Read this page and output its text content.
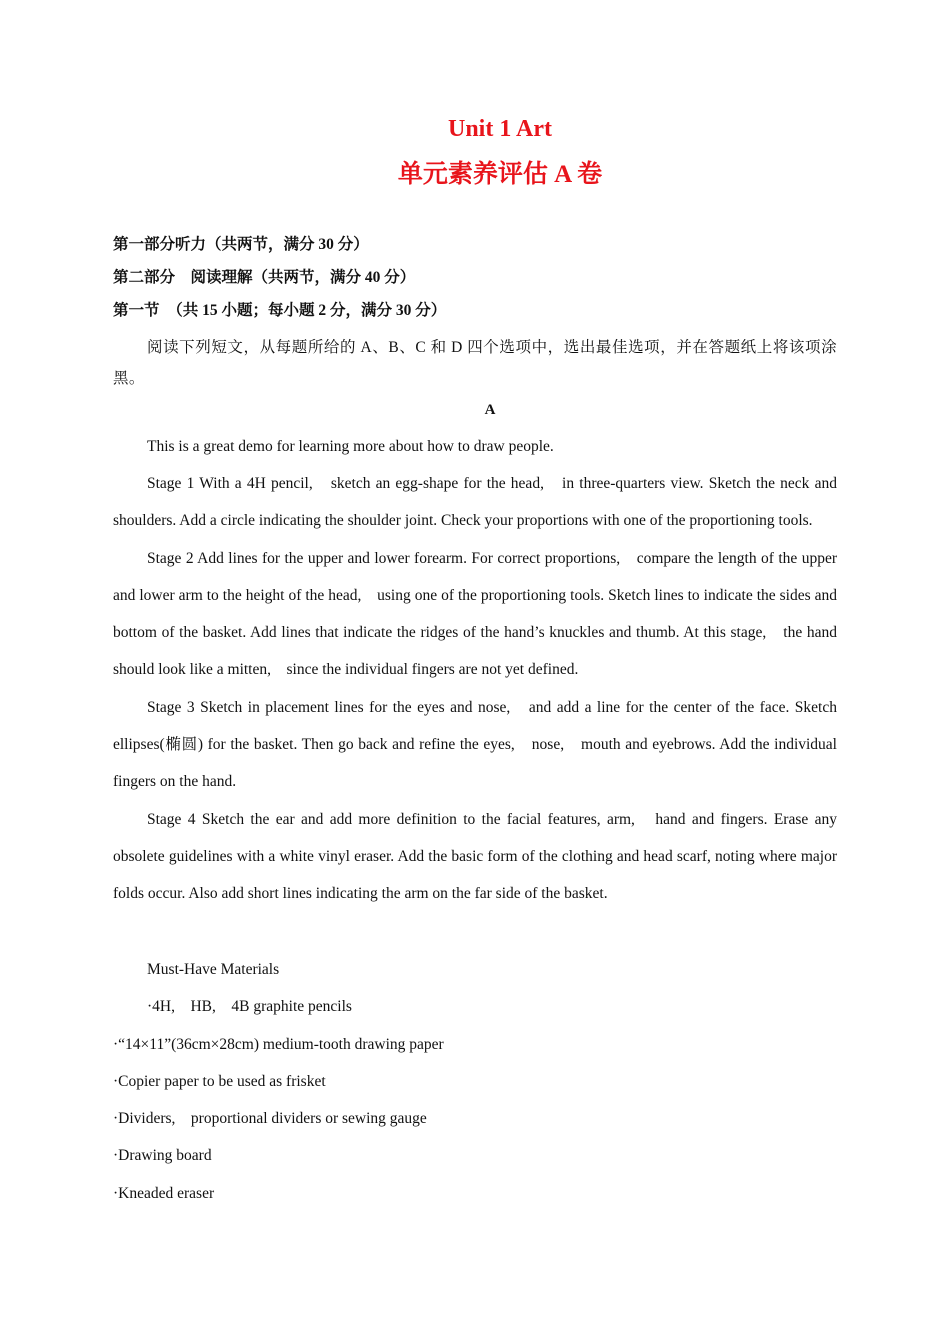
Unit 1 Art
单元素养评估 A 卷
第一部分听力（共两节，满分 30 分）
第二部分　阅读理解（共两节，满分 40 分）
第一节　（共 15 小题；每小题 2 分，满分 30 分）
阅读下列短文，从每题所给的 A、B、C 和 D 四个选项中，选出最佳选项，并在答题纸上将该项涂黑。
A

This is a great demo for learning more about how to draw people.

Stage 1 With a 4H pencil,　sketch an egg-shape for the head,　in three-quarters view. Sketch the neck and shoulders. Add a circle indicating the shoulder joint. Check your proportions with one of the proportioning tools.

Stage 2 Add lines for the upper and lower forearm. For correct proportions,　compare the length of the upper and lower arm to the height of the head,　using one of the proportioning tools. Sketch lines to indicate the sides and bottom of the basket. Add lines that indicate the ridges of the hand’s knuckles and thumb. At this stage,　the hand should look like a mitten,　since the individual fingers are not yet defined.

Stage 3 Sketch in placement lines for the eyes and nose,　and add a line for the center of the face. Sketch ellipses(椭圆) for the basket. Then go back and refine the eyes,　nose,　mouth and eyebrows. Add the individual fingers on the hand.

Stage 4 Sketch the ear and add more definition to the facial features, arm,　hand and fingers. Erase any obsolete guidelines with a white vinyl eraser. Add the basic form of the clothing and head scarf, noting where major folds occur. Also add short lines indicating the arm on the far side of the basket.

Must-Have Materials

·4H,　HB,　4B graphite pencils

·“14×11”(36cm×28cm) medium-tooth drawing paper

·Copier paper to be used as frisket

·Dividers,　proportional dividers or sewing gauge

·Drawing board

·Kneaded eraser
